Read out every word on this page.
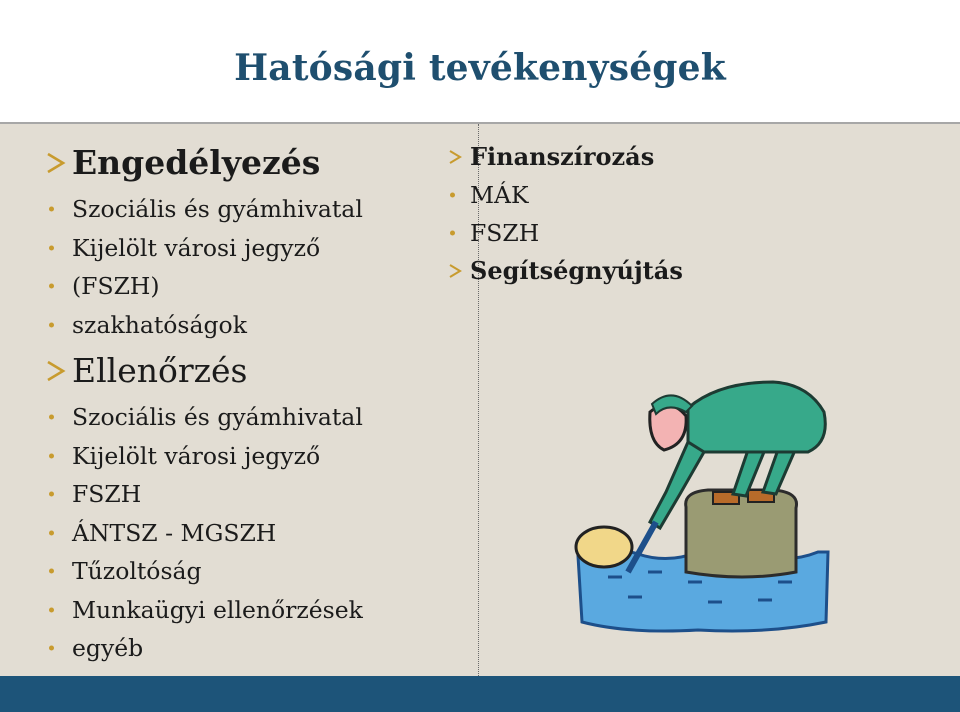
Hatósági tevékenységek
Engedélyezés
Szociális és gyámhivatal
Kijelölt városi jegyző
(FSZH)
szakhatóságok
Ellenőrzés
Szociális és gyámhivatal
Kijelölt városi jegyző
FSZH
ÁNTSZ - MGSZH
Tűzoltóság
Munkaügyi ellenőrzések
egyéb
Finanszírozás
MÁK
FSZH
Segítségnyújtás
